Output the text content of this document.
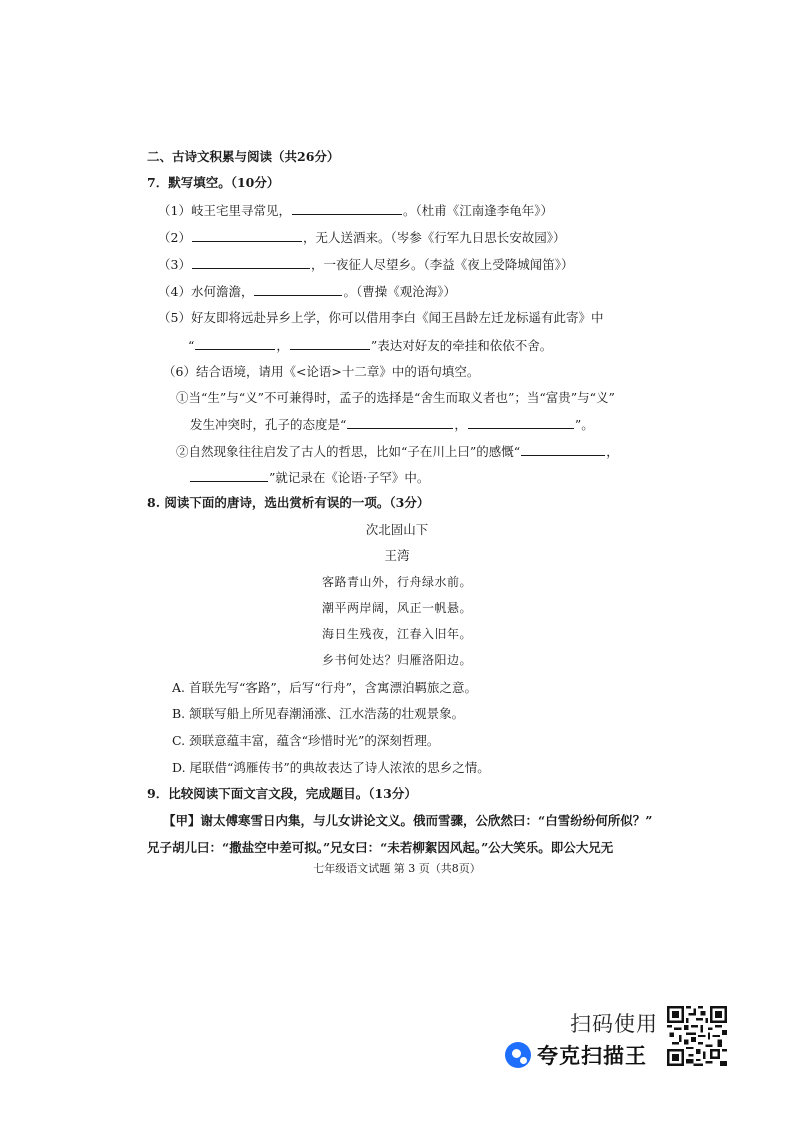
二、古诗文积累与阅读（共26分）
7．默写填空。（10分）
（1）岐王宅里寻常见，	。（杜甫《江南逢李龟年》）
（2）	，无人送酒来。（岑参《行军九日思长安故园》）
（3）	，一夜征人尽望乡。（李益《夜上受降城闻笛》）
（4）水何澹澹，	。（曹操《观沧海》）
（5）好友即将远赴异乡上学，你可以借用李白《闻王昌龄左迁龙标遥有此寄》中
“	，	”表达对好友的牵挂和依依不舍。
（6）结合语境，请用《<论语>十二章》中的语句填空。
①当“生”与“义”不可兼得时，孟子的选择是“舍生而取义者也”；当“富贵”与“义”
发生冲突时，孔子的态度是“	，	”。
②自然现象往往启发了古人的哲思，比如“子在川上曰”的感慨“	，
”就记录在《论语·子罕》中。
8. 阅读下面的唐诗，选出赏析有误的一项。（3分）
次北固山下
王湾
客路青山外，行舟绿水前。
潮平两岸阔，风正一帆悬。
海日生残夜，江春入旧年。
乡书何处达？归雁洛阳边。
A. 首联先写“客路”，后写“行舟”，含寓漂泊羁旅之意。
B. 颔联写船上所见春潮涌涨、江水浩荡的壮观景象。
C. 颈联意蕴丰富，蕴含“珍惜时光”的深刻哲理。
D. 尾联借“鸿雁传书”的典故表达了诗人浓浓的思乡之情。
9．比较阅读下面文言文段，完成题目。（13分）
【甲】谢太傅寒雪日内集，与儿女讲论文义。俄而雪骤，公欣然曰：“白雪纷纷何所似？”
兄子胡儿曰：“撒盐空中差可拟。”兄女曰：“未若柳絮因风起。”公大笑乐。即公大兄无
七年级语文试题 第 3 页（共8页）
扫码使用
夸克扫描王
